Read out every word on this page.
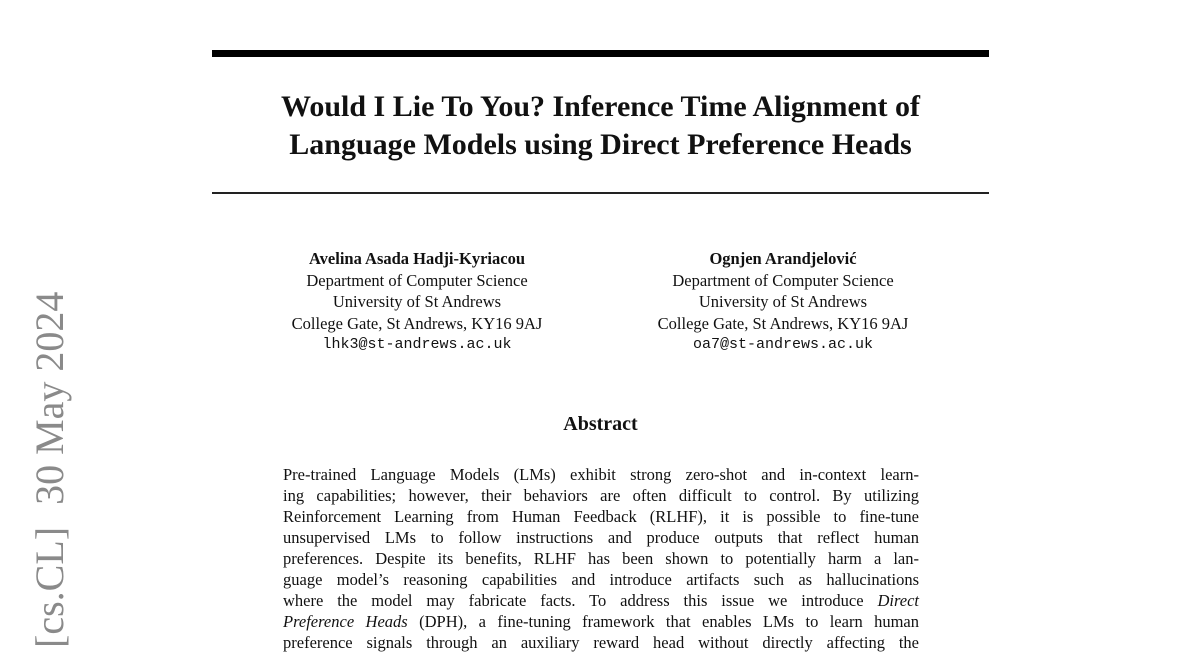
Would I Lie To You? Inference Time Alignment of
Language Models using Direct Preference Heads
Avelina Asada Hadji-Kyriacou
Department of Computer Science
University of St Andrews
College Gate, St Andrews, KY16 9AJ
lhk3@st-andrews.ac.uk
Ognjen Arandjelović
Department of Computer Science
University of St Andrews
College Gate, St Andrews, KY16 9AJ
oa7@st-andrews.ac.uk
Abstract
Pre-trained Language Models (LMs) exhibit strong zero-shot and in-context learn-
ing capabilities; however, their behaviors are often difficult to control. By utilizing
Reinforcement Learning from Human Feedback (RLHF), it is possible to fine-tune
unsupervised LMs to follow instructions and produce outputs that reflect human
preferences. Despite its benefits, RLHF has been shown to potentially harm a lan-
guage model’s reasoning capabilities and introduce artifacts such as hallucinations
where the model may fabricate facts. To address this issue we introduce Direct
Preference Heads (DPH), a fine-tuning framework that enables LMs to learn human
preference signals through an auxiliary reward head without directly affecting the
[cs.CL]30 May 2024
